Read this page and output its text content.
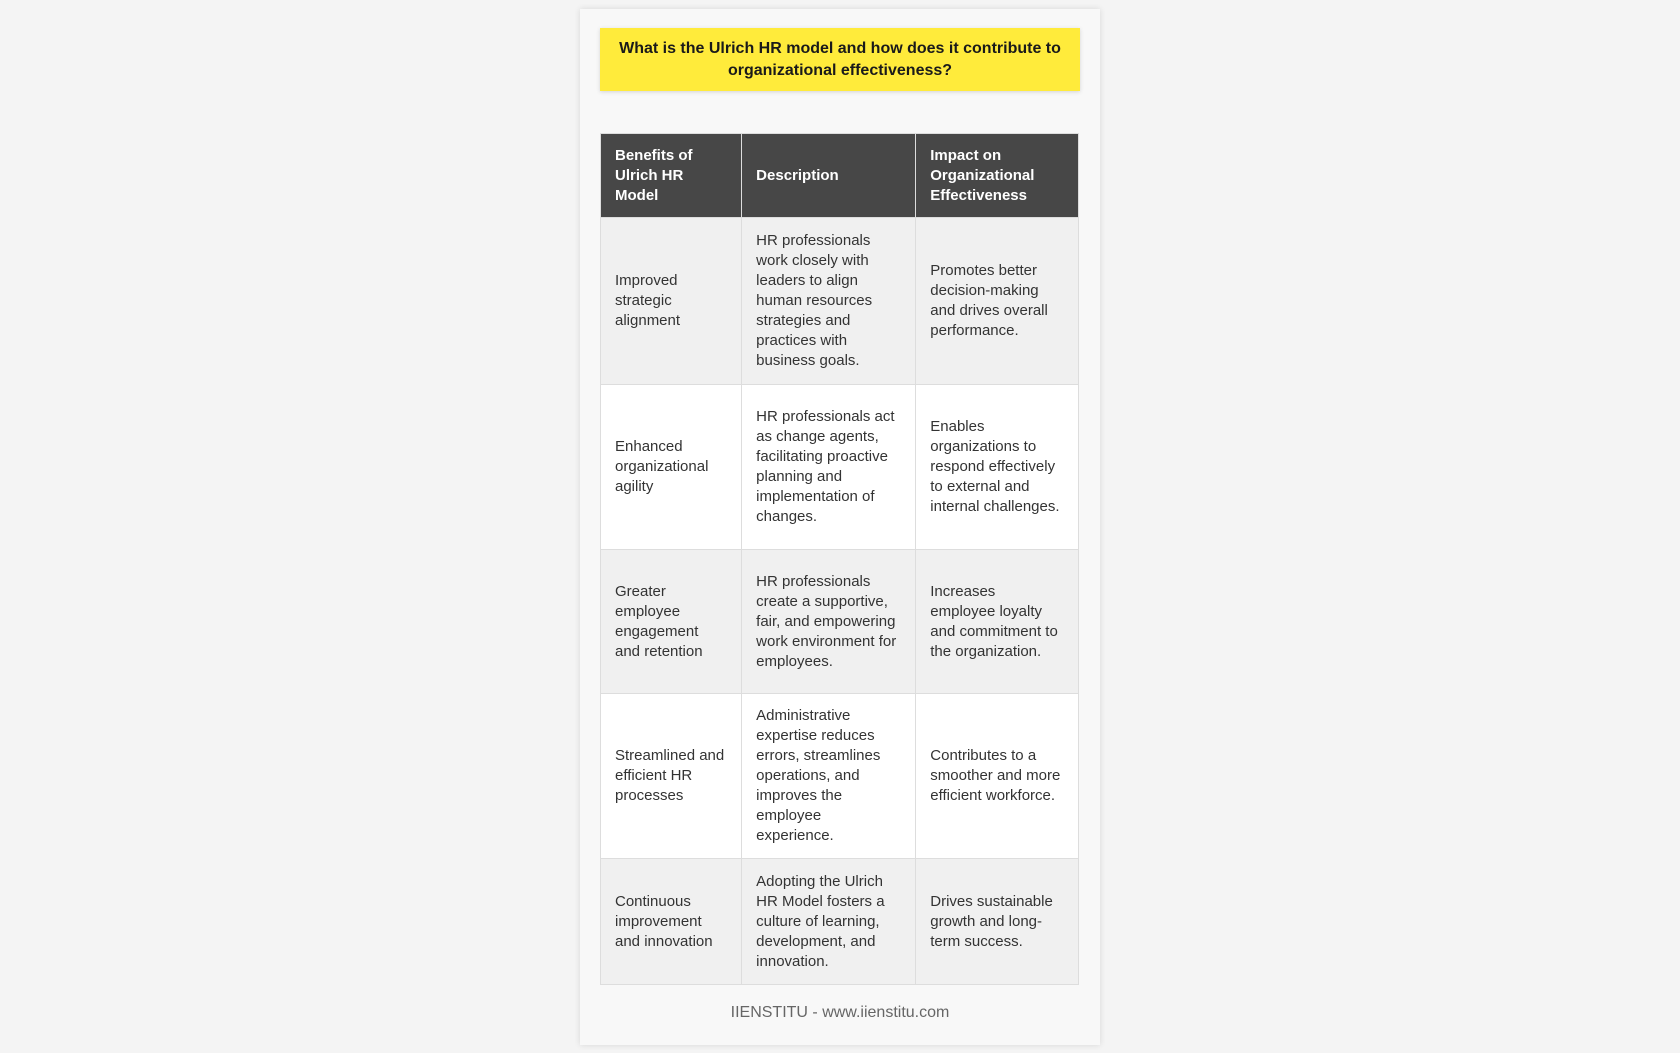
What is the Ulrich HR model and how does it contribute to organizational effectiveness?
Benefits of Ulrich HR Model	Description	Impact on Organizational Effectiveness
Improved strategic alignment	HR professionals work closely with leaders to align human resources strategies and practices with business goals.	Promotes better decision-making and drives overall performance.
Enhanced organizational agility	HR professionals act as change agents, facilitating proactive planning and implementation of changes.	Enables organizations to respond effectively to external and internal challenges.
Greater employee engagement and retention	HR professionals create a supportive, fair, and empowering work environment for employees.	Increases employee loyalty and commitment to the organization.
Streamlined and efficient HR processes	Administrative expertise reduces errors, streamlines operations, and improves the employee experience.	Contributes to a smoother and more efficient workforce.
Continuous improvement and innovation	Adopting the Ulrich HR Model fosters a culture of learning, development, and innovation.	Drives sustainable growth and long-term success.
IIENSTITU - www.iienstitu.com
